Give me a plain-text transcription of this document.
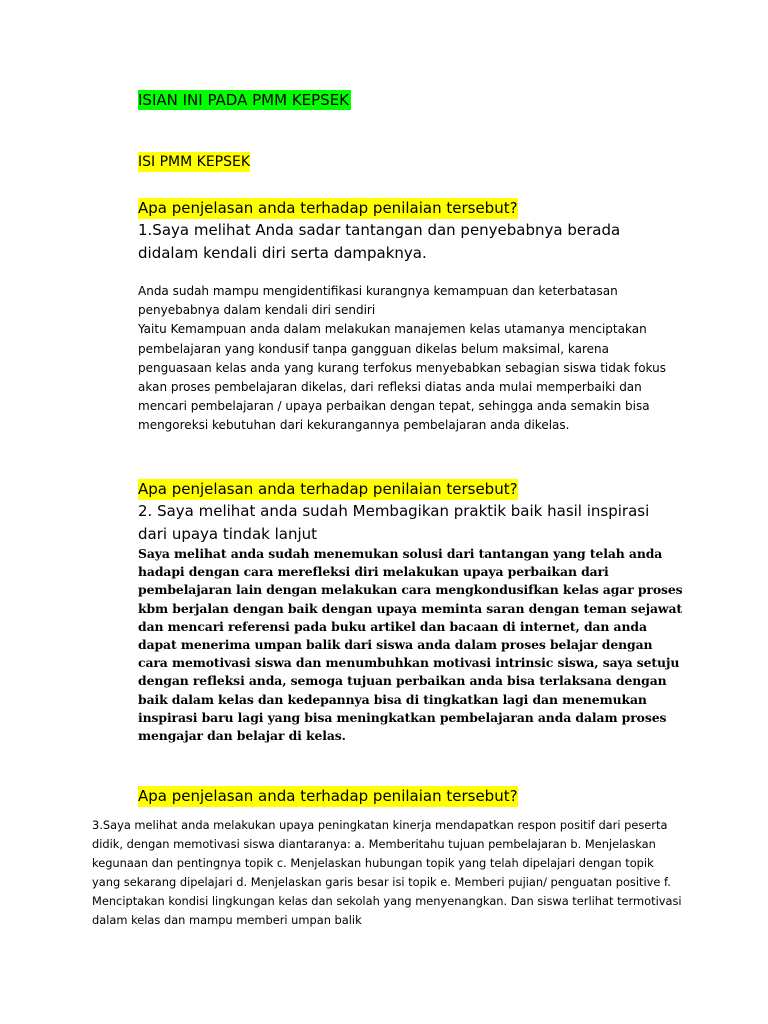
ISIAN INI PADA PMM KEPSEK
ISI PMM KEPSEK
Apa penjelasan anda terhadap penilaian tersebut?

1.Saya melihat Anda sadar tantangan dan penyebabnya berada didalam kendali diri serta dampaknya.

Anda sudah mampu mengidentifikasi kurangnya kemampuan dan keterbatasan penyebabnya dalam kendali diri sendiri
Yaitu Kemampuan anda dalam melakukan manajemen kelas utamanya menciptakan pembelajaran yang kondusif tanpa gangguan dikelas belum maksimal, karena penguasaan kelas anda yang kurang terfokus menyebabkan sebagian siswa tidak fokus akan proses pembelajaran dikelas, dari refleksi diatas anda mulai memperbaiki dan mencari pembelajaran / upaya perbaikan dengan tepat, sehingga anda semakin bisa mengoreksi kebutuhan dari kekurangannya pembelajaran anda dikelas.

Apa penjelasan anda terhadap penilaian tersebut?

2. Saya melihat anda sudah Membagikan praktik baik hasil inspirasi dari upaya tindak lanjut

Saya melihat anda sudah menemukan solusi dari tantangan yang telah anda hadapi dengan cara merefleksi diri melakukan upaya perbaikan dari pembelajaran lain dengan melakukan cara mengkondusifkan kelas agar proses kbm berjalan dengan baik dengan upaya meminta saran dengan teman sejawat dan mencari referensi pada buku artikel dan bacaan di internet, dan anda dapat menerima umpan balik dari siswa anda dalam proses belajar dengan cara memotivasi siswa dan menumbuhkan motivasi intrinsic siswa, saya setuju dengan refleksi anda, semoga tujuan perbaikan anda bisa terlaksana dengan baik dalam kelas dan kedepannya bisa di tingkatkan lagi dan menemukan inspirasi baru lagi yang bisa meningkatkan pembelajaran anda dalam proses mengajar dan belajar di kelas.

Apa penjelasan anda terhadap penilaian tersebut?

3.Saya melihat anda melakukan upaya peningkatan kinerja mendapatkan respon positif dari peserta didik, dengan memotivasi siswa diantaranya: a. Memberitahu tujuan pembelajaran b. Menjelaskan kegunaan dan pentingnya topik c. Menjelaskan hubungan topik yang telah dipelajari dengan topik yang sekarang dipelajari d. Menjelaskan garis besar isi topik e. Memberi pujian/ penguatan positive f. Menciptakan kondisi lingkungan kelas dan sekolah yang menyenangkan. Dan siswa terlihat termotivasi dalam kelas dan mampu memberi umpan balik
